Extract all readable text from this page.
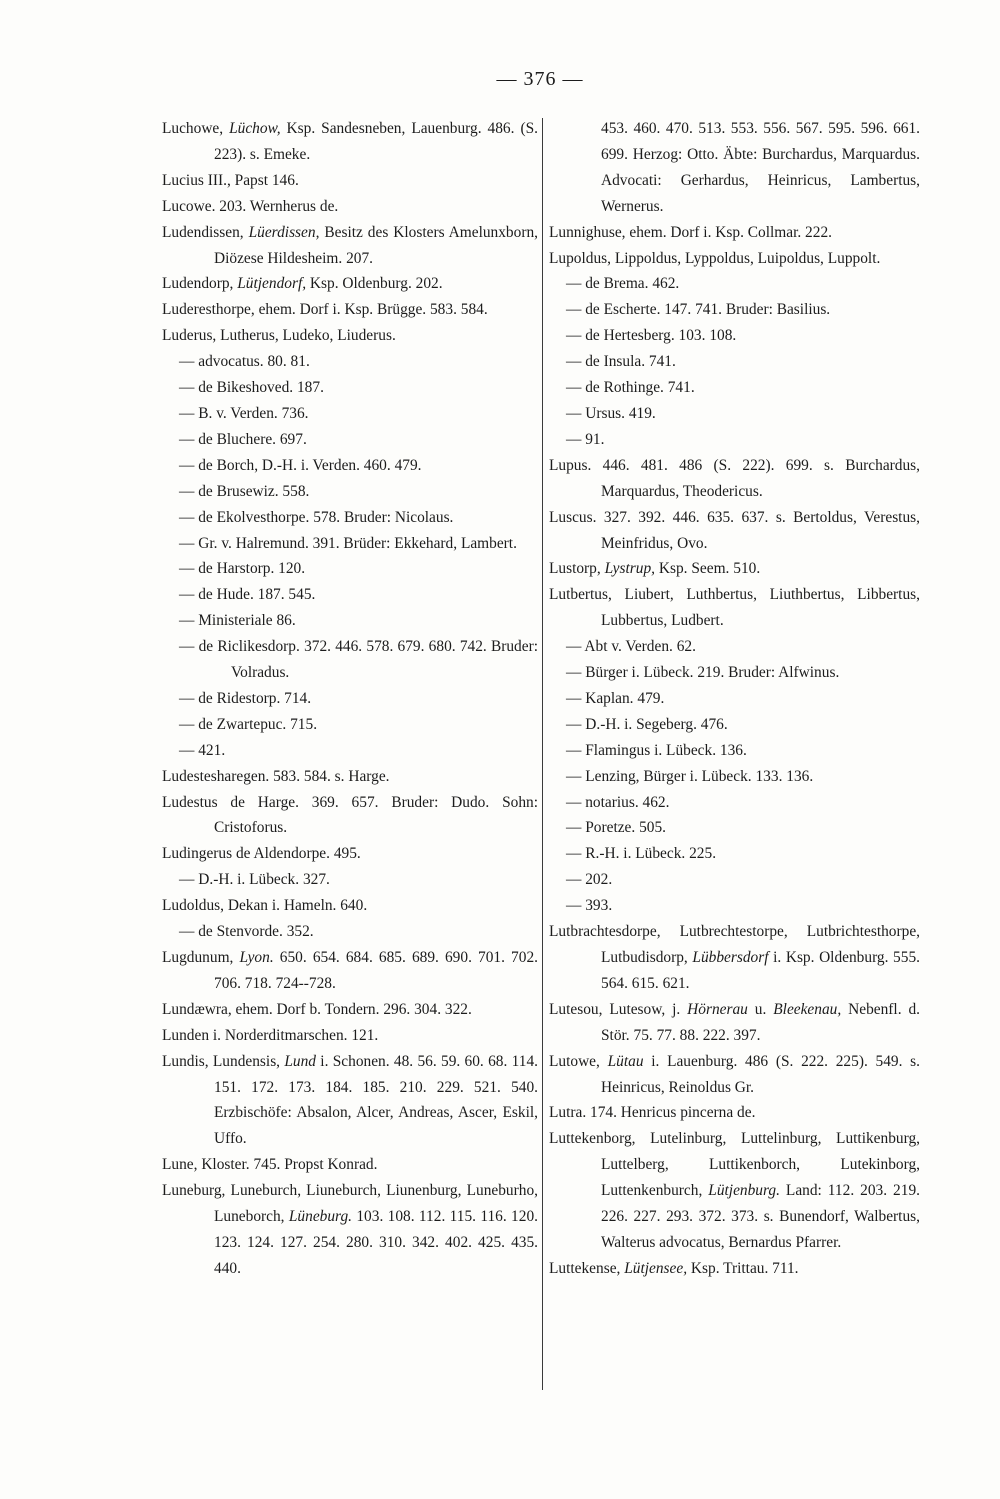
— 376 —
Luchowe, Lüchow, Ksp. Sandesneben, Lauenburg. 486. (S. 223). s. Emeke.
Lucius III., Papst 146.
Lucowe. 203. Wernherus de.
Ludendissen, Lüerdissen, Besitz des Klosters Amelunxborn, Diözese Hildesheim. 207.
Ludendorp, Lütjendorf, Ksp. Oldenburg. 202.
Luderesthorpe, ehem. Dorf i. Ksp. Brügge. 583. 584.
Luderus, Lutherus, Ludeko, Liuderus.
— advocatus. 80. 81.
— de Bikeshoved. 187.
— B. v. Verden. 736.
— de Bluchere. 697.
— de Borch, D.-H. i. Verden. 460. 479.
— de Brusewiz. 558.
— de Ekolvesthorpe. 578. Bruder: Nicolaus.
— Gr. v. Halremund. 391. Brüder: Ekkehard, Lambert.
— de Harstorp. 120.
— de Hude. 187. 545.
— Ministeriale 86.
— de Riclikesdorp. 372. 446. 578. 679. 680. 742. Bruder: Volradus.
— de Ridestorp. 714.
— de Zwartepuc. 715.
— 421.
Ludestesharegen. 583. 584. s. Harge.
Ludestus de Harge. 369. 657. Bruder: Dudo. Sohn: Cristoforus.
Ludingerus de Aldendorpe. 495.
— D.-H. i. Lübeck. 327.
Ludoldus, Dekan i. Hameln. 640.
— de Stenvorde. 352.
Lugdunum, Lyon. 650. 654. 684. 685. 689. 690. 701. 702. 706. 718. 724--728.
Lundæwra, ehem. Dorf b. Tondern. 296. 304. 322.
Lunden i. Norderditmarschen. 121.
Lundis, Lundensis, Lund i. Schonen. 48. 56. 59. 60. 68. 114. 151. 172. 173. 184. 185. 210. 229. 521. 540. Erzbischöfe: Absalon, Alcer, Andreas, Ascer, Eskil, Uffo.
Lune, Kloster. 745. Propst Konrad.
Luneburg, Luneburch, Liuneburch, Liunenburg, Luneburho, Luneborch, Lüneburg. 103. 108. 112. 115. 116. 120. 123. 124. 127. 254. 280. 310. 342. 402. 425. 435. 440.
453. 460. 470. 513. 553. 556. 567. 595. 596. 661. 699. Herzog: Otto. Äbte: Burchardus, Marquardus. Advocati: Gerhardus, Heinricus, Lambertus, Wernerus.
Lunnighuse, ehem. Dorf i. Ksp. Collmar. 222.
Lupoldus, Lippoldus, Lyppoldus, Luipoldus, Luppolt.
— de Brema. 462.
— de Escherte. 147. 741. Bruder: Basilius.
— de Hertesberg. 103. 108.
— de Insula. 741.
— de Rothinge. 741.
— Ursus. 419.
— 91.
Lupus. 446. 481. 486 (S. 222). 699. s. Burchardus, Marquardus, Theodericus.
Luscus. 327. 392. 446. 635. 637. s. Bertoldus, Verestus, Meinfridus, Ovo.
Lustorp, Lystrup, Ksp. Seem. 510.
Lutbertus, Liubert, Luthbertus, Liuthbertus, Libbertus, Lubbertus, Ludbert.
— Abt v. Verden. 62.
— Bürger i. Lübeck. 219. Bruder: Alfwinus.
— Kaplan. 479.
— D.-H. i. Segeberg. 476.
— Flamingus i. Lübeck. 136.
— Lenzing, Bürger i. Lübeck. 133. 136.
— notarius. 462.
— Poretze. 505.
— R.-H. i. Lübeck. 225.
— 202.
— 393.
Lutbrachtesdorpe, Lutbrechtestorpe, Lutbrichtesthorpe, Lutbudisdorp, Lübbersdorf i. Ksp. Oldenburg. 555. 564. 615. 621.
Lutesou, Lutesow, j. Hörnerau u. Bleekenau, Nebenfl. d. Stör. 75. 77. 88. 222. 397.
Lutowe, Lütau i. Lauenburg. 486 (S. 222. 225). 549. s. Heinricus, Reinoldus Gr.
Lutra. 174. Henricus pincerna de.
Luttekenborg, Lutelinburg, Luttelinburg, Luttikenburg, Luttelberg, Luttikenborch, Lutekinborg, Luttenkenburch, Lütjenburg. Land: 112. 203. 219. 226. 227. 293. 372. 373. s. Bunendorf, Walbertus, Walterus advocatus, Bernardus Pfarrer.
Luttekense, Lütjensee, Ksp. Trittau. 711.
